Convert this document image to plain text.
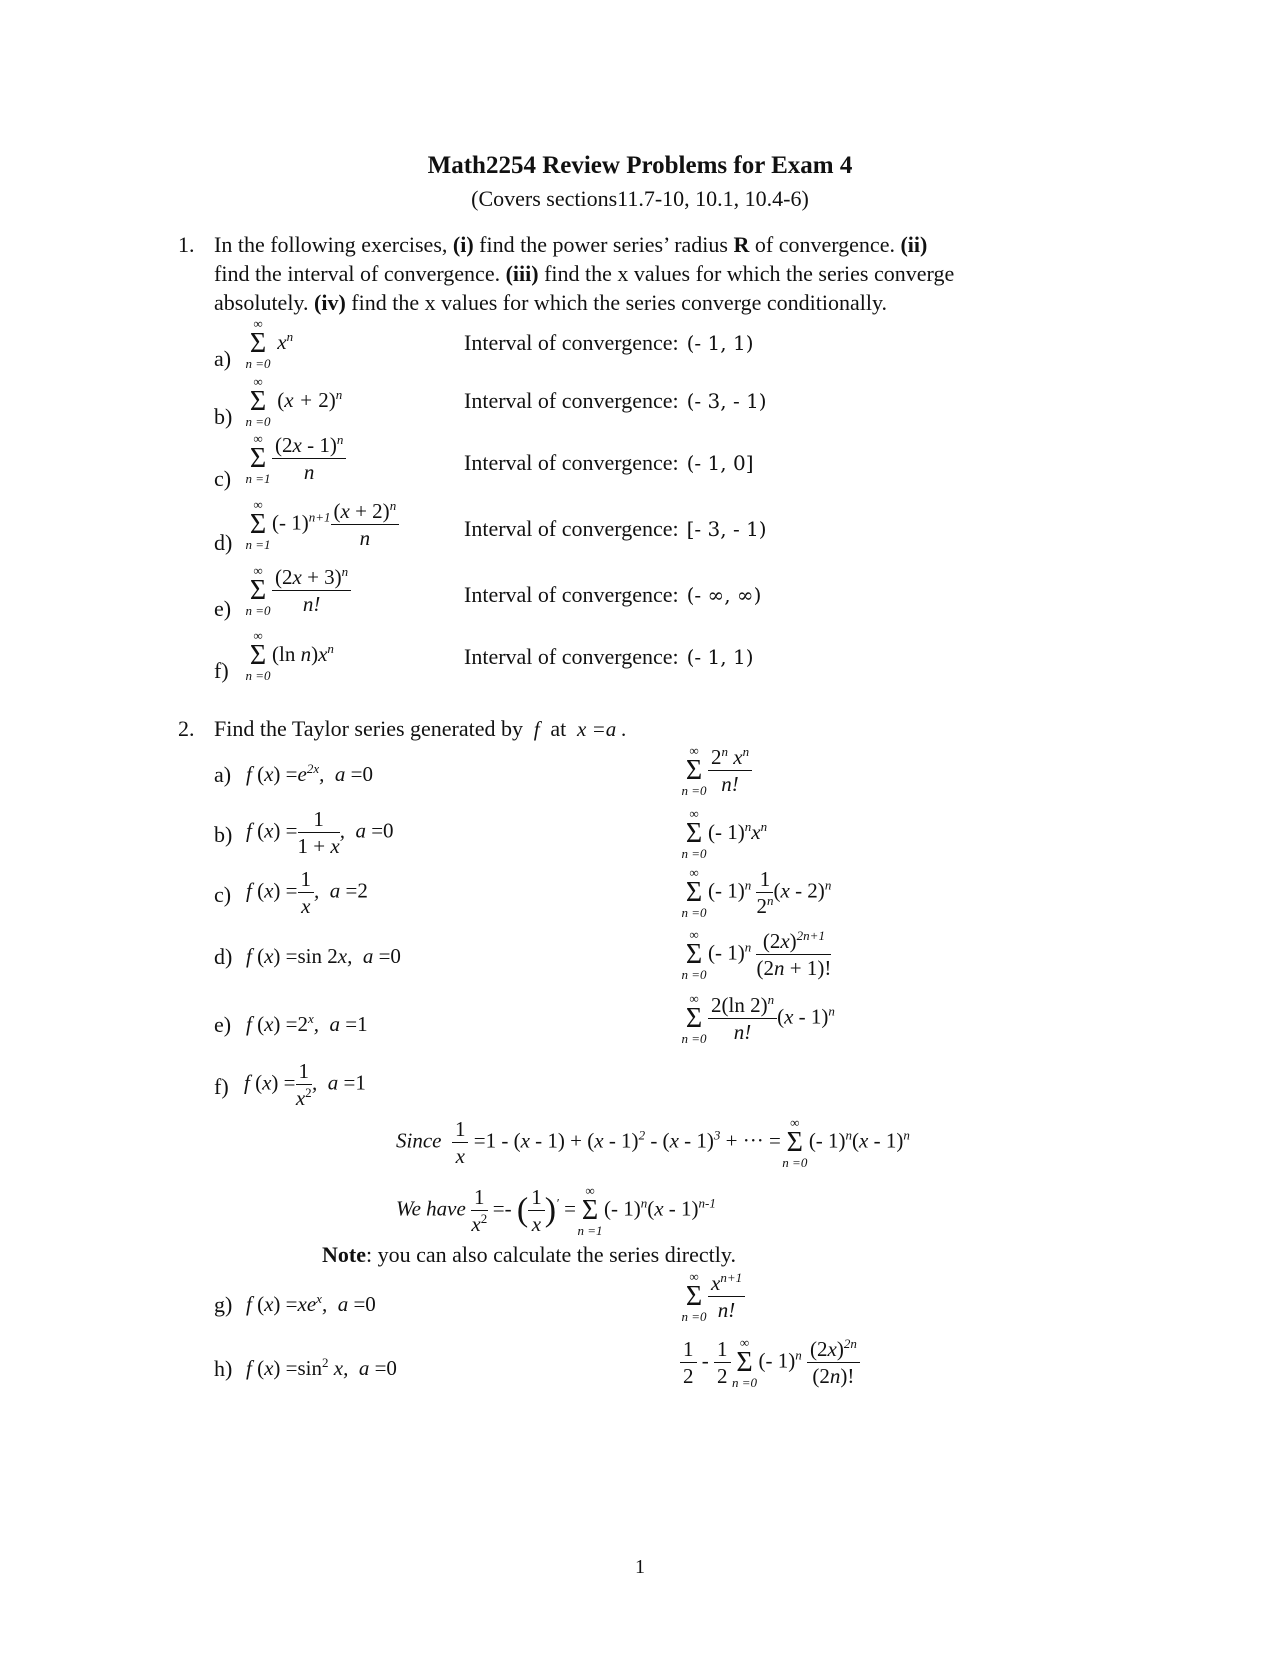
Math2254 Review Problems for Exam 4
(Covers sections11.7-10, 10.1, 10.4-6)
1. In the following exercises, (i) find the power series’ radius R of convergence. (ii)
find the interval of convergence. (iii) find the x values for which the series converge
absolutely. (iv) find the x values for which the series converge conditionally.
a)
∞
Σ
n =0
$x^n$	Interval of convergence: (- 1, 1)
b)
∞
Σ
n =0
$(x + 2)^n$	Interval of convergence: (- 3, - 1)
c)
∞
Σ
$n =1 \frac{(2x - 1)^n}{n}$	Interval of convergence: (- 1, 0]
d)
∞
Σ
n =1
(- $1)^{n+1} \frac{(x + 2)^n}{n}$	Interval of convergence: [- 3, - 1)
e)
∞
Σ
$n =0 \frac{(2x + 3)^n}{n!}$	Interval of convergence: (- ∞, ∞)
f)
∞
Σ
n =0
(ln $n)x^n$	Interval of convergence: (- 1, 1)
2. Find the Taylor series generated by  f  at  x =a .
a) f $(x) =e^{2x}$,  a =0
∞
Σ
$n =0 \frac{2^n x^n}{n!}$
b) f $(x) = \frac{1}{1 + x}$ ,  a =0
∞
Σ
n =0
(- $1)^nx^n$
c) f $(x) = \frac{1}{x}$ ,  a =2
∞
Σ
n =0
(- $1)^n \frac{1}{2^n} (x - 2)^n$
d) f (x) =sin 2x,  a =0
∞
Σ
n =0
(- $1)^n \frac{(2x)^{2n+1}}{(2n + 1)!}$
e) f $(x) =2^x$,  a =1
∞
Σ
$n =0 \frac{2(\ln 2)^n}{n!} (x - 1)^n$
f) f $(x) = \frac{1}{x^2}$ ,  a =1
Since $\frac{1}{x} =1 - (x - 1) + (x - 1)^2 - (x - 1)^3$ + ··· =
∞
Σ
n =0
(- 1)$^n$(x - 1)$^n$
We have $\frac{1}{x^2}$ =- ( $\frac{1}{x} )'$ =
∞
Σ
n =1
(- 1)$^n$(x - 1)$^{n-1}$
Note: you can also calculate the series directly.
g) f $(x) =xe^x$,  a =0
∞
Σ
$n =0 \frac{x^{n+1}}{n!}$
h) f $(x) =\sin^2$ x,  a =0	$\frac{1}{2} - \frac{1}{2}$ ∞
Σ
n =0
(- $1)^n \frac{(2x)^{2n}}{(2n)!}$
1
